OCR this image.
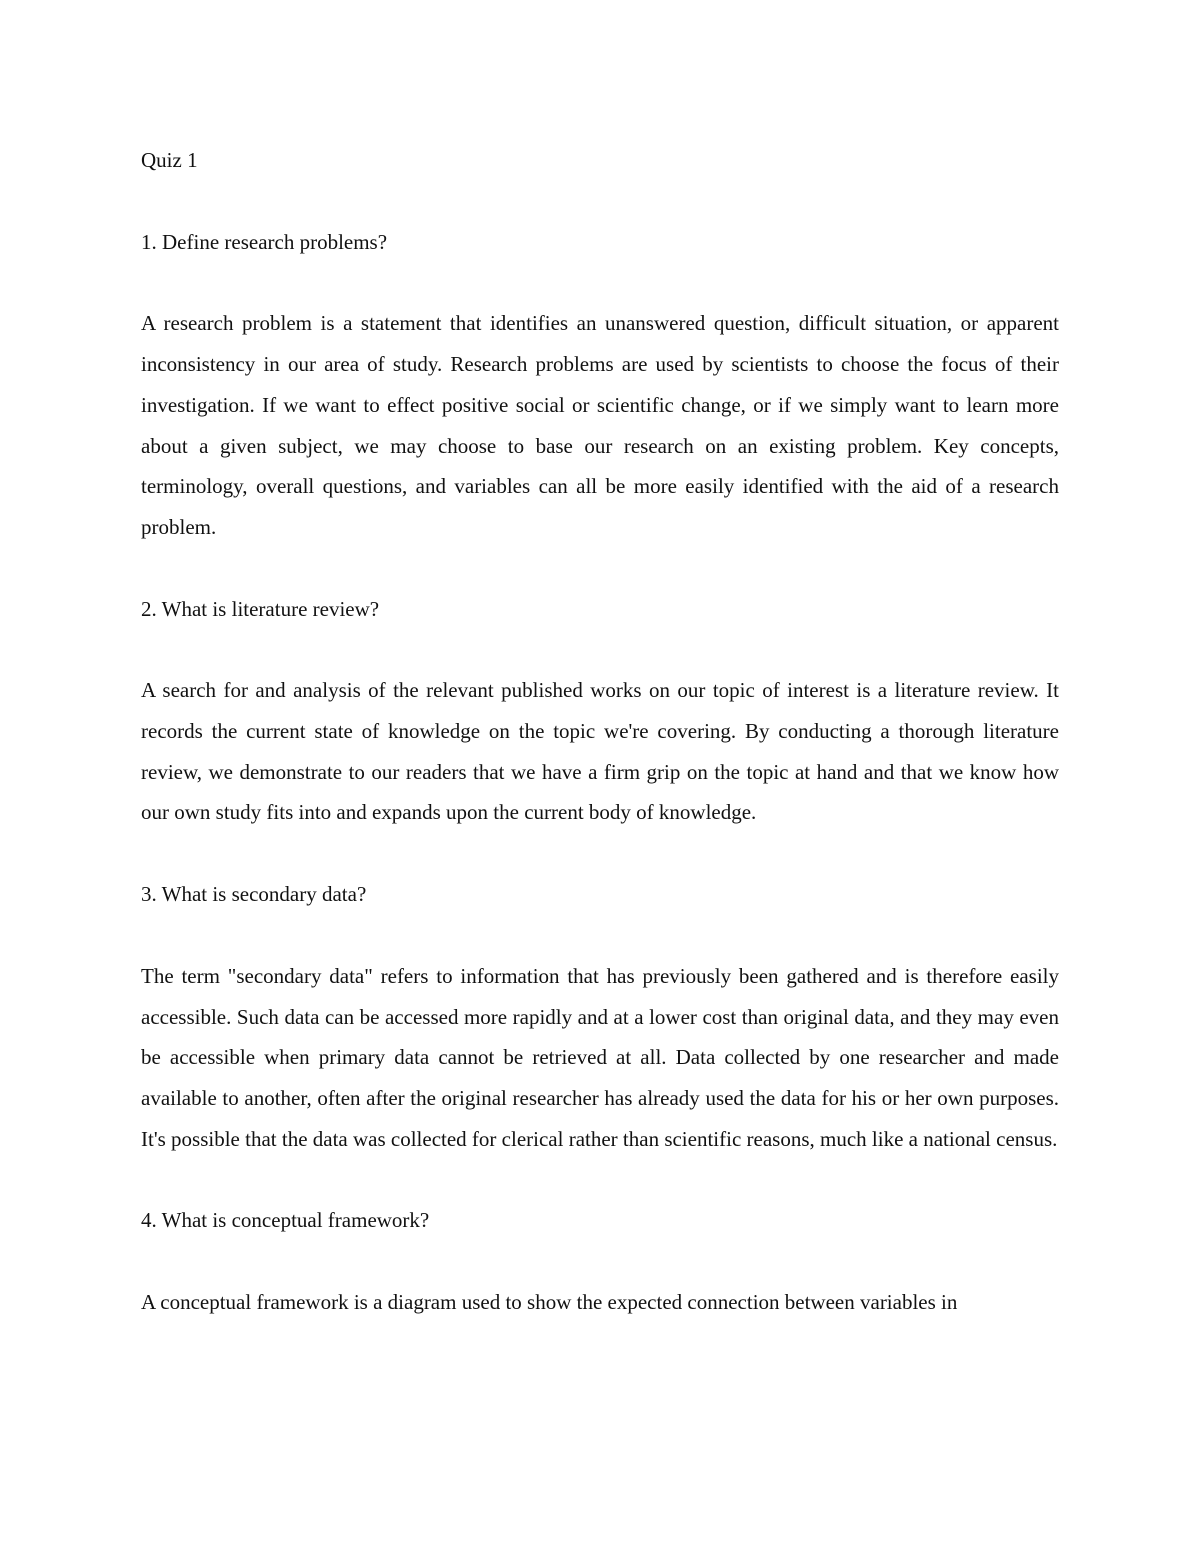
Quiz 1

1. Define research problems?

A research problem is a statement that identifies an unanswered question, difficult situation, or apparent inconsistency in our area of study. Research problems are used by scientists to choose the focus of their investigation. If we want to effect positive social or scientific change, or if we simply want to learn more about a given subject, we may choose to base our research on an existing problem. Key concepts, terminology, overall questions, and variables can all be more easily identified with the aid of a research problem.

2. What is literature review?

A search for and analysis of the relevant published works on our topic of interest is a literature review. It records the current state of knowledge on the topic we're covering. By conducting a thorough literature review, we demonstrate to our readers that we have a firm grip on the topic at hand and that we know how our own study fits into and expands upon the current body of knowledge.

3. What is secondary data?

The term "secondary data" refers to information that has previously been gathered and is therefore easily accessible. Such data can be accessed more rapidly and at a lower cost than original data, and they may even be accessible when primary data cannot be retrieved at all. Data collected by one researcher and made available to another, often after the original researcher has already used the data for his or her own purposes. It's possible that the data was collected for clerical rather than scientific reasons, much like a national census.

4. What is conceptual framework?

A conceptual framework is a diagram used to show the expected connection between variables in
